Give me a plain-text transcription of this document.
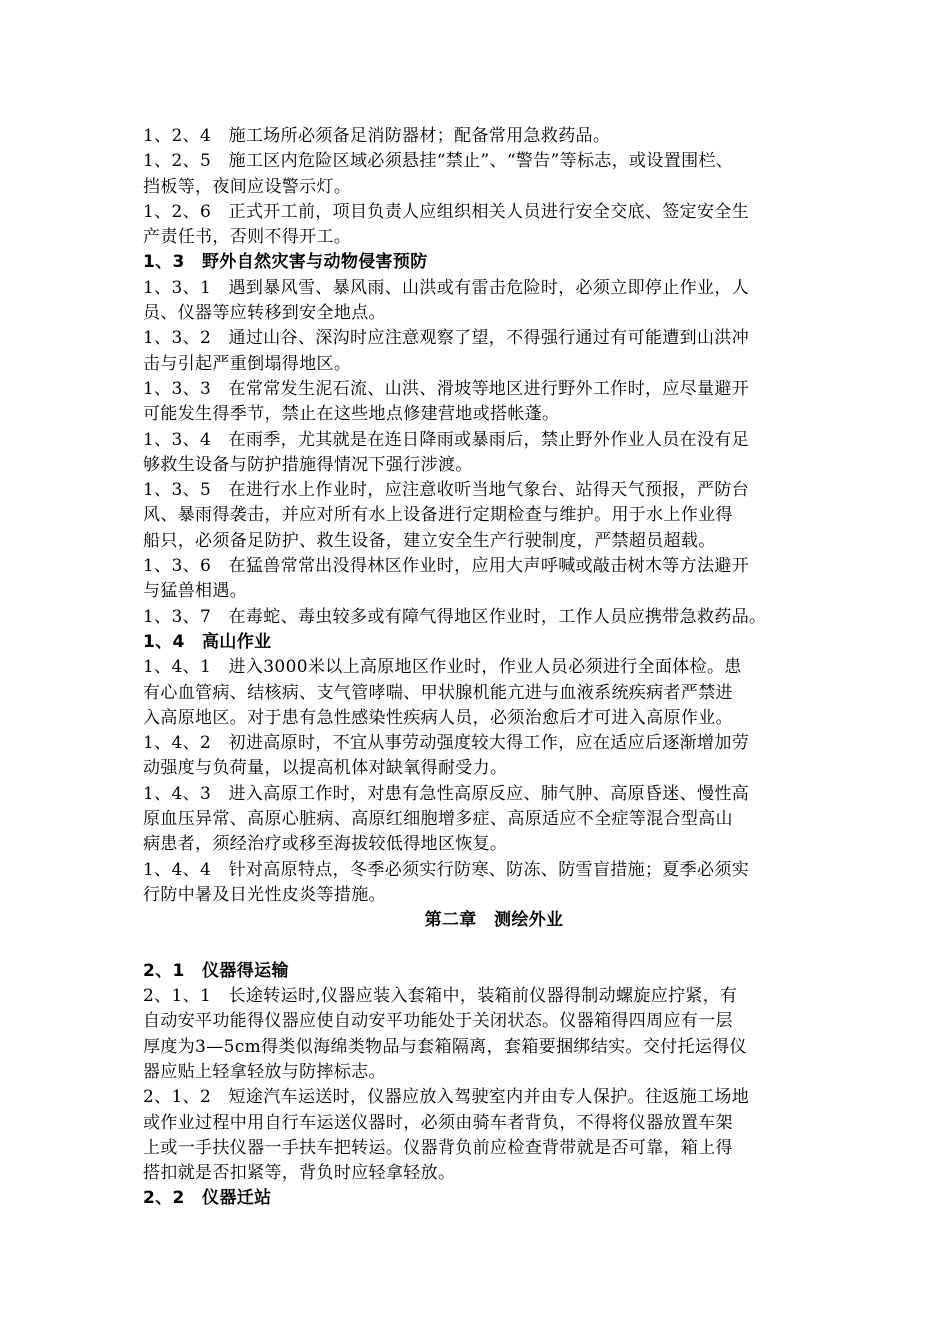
1、2、4　施工场所必须备足消防器材；配备常用急救药品。
1、2、5　施工区内危险区域必须悬挂“禁止”、“警告”等标志，或设置围栏、
挡板等，夜间应设警示灯。
1、2、6　正式开工前，项目负责人应组织相关人员进行安全交底、签定安全生
产责任书，否则不得开工。
1、3　野外自然灾害与动物侵害预防
1、3、1　遇到暴风雪、暴风雨、山洪或有雷击危险时，必须立即停止作业，人
员、仪器等应转移到安全地点。
1、3、2　通过山谷、深沟时应注意观察了望，不得强行通过有可能遭到山洪冲
击与引起严重倒塌得地区。
1、3、3　在常常发生泥石流、山洪、滑坡等地区进行野外工作时，应尽量避开
可能发生得季节，禁止在这些地点修建营地或搭帐蓬。
1、3、4　在雨季，尤其就是在连日降雨或暴雨后，禁止野外作业人员在没有足
够救生设备与防护措施得情况下强行涉渡。
1、3、5　在进行水上作业时，应注意收听当地气象台、站得天气预报，严防台
风、暴雨得袭击，并应对所有水上设备进行定期检查与维护。用于水上作业得
船只，必须备足防护、救生设备，建立安全生产行驶制度，严禁超员超载。
1、3、6　在猛兽常常出没得林区作业时，应用大声呼喊或敲击树木等方法避开
与猛兽相遇。
1、3、7　在毒蛇、毒虫较多或有障气得地区作业时，工作人员应携带急救药品。
1、4　高山作业
1、4、1　进入3000米以上高原地区作业时，作业人员必须进行全面体检。患
有心血管病、结核病、支气管哮喘、甲状腺机能亢进与血液系统疾病者严禁进
入高原地区。对于患有急性感染性疾病人员，必须治愈后才可进入高原作业。
1、4、2　初进高原时，不宜从事劳动强度较大得工作，应在适应后逐渐增加劳
动强度与负荷量，以提高机体对缺氧得耐受力。
1、4、3　进入高原工作时，对患有急性高原反应、肺气肿、高原昏迷、慢性高
原血压异常、高原心脏病、高原红细胞增多症、高原适应不全症等混合型高山
病患者，须经治疗或移至海拔较低得地区恢复。
1、4、4　针对高原特点，冬季必须实行防寒、防冻、防雪盲措施；夏季必须实
行防中暑及日光性皮炎等措施。
第二章　测绘外业
2、1　仪器得运输
2、1、1　长途转运时,仪器应装入套箱中，装箱前仪器得制动螺旋应拧紧，有
自动安平功能得仪器应使自动安平功能处于关闭状态。仪器箱得四周应有一层
厚度为3—5cm得类似海绵类物品与套箱隔离，套箱要捆绑结实。交付托运得仪
器应贴上轻拿轻放与防摔标志。
2、1、2　短途汽车运送时，仪器应放入驾驶室内并由专人保护。往返施工场地
或作业过程中用自行车运送仪器时，必须由骑车者背负，不得将仪器放置车架
上或一手扶仪器一手扶车把转运。仪器背负前应检查背带就是否可靠，箱上得
搭扣就是否扣紧等，背负时应轻拿轻放。
2、2　仪器迁站
